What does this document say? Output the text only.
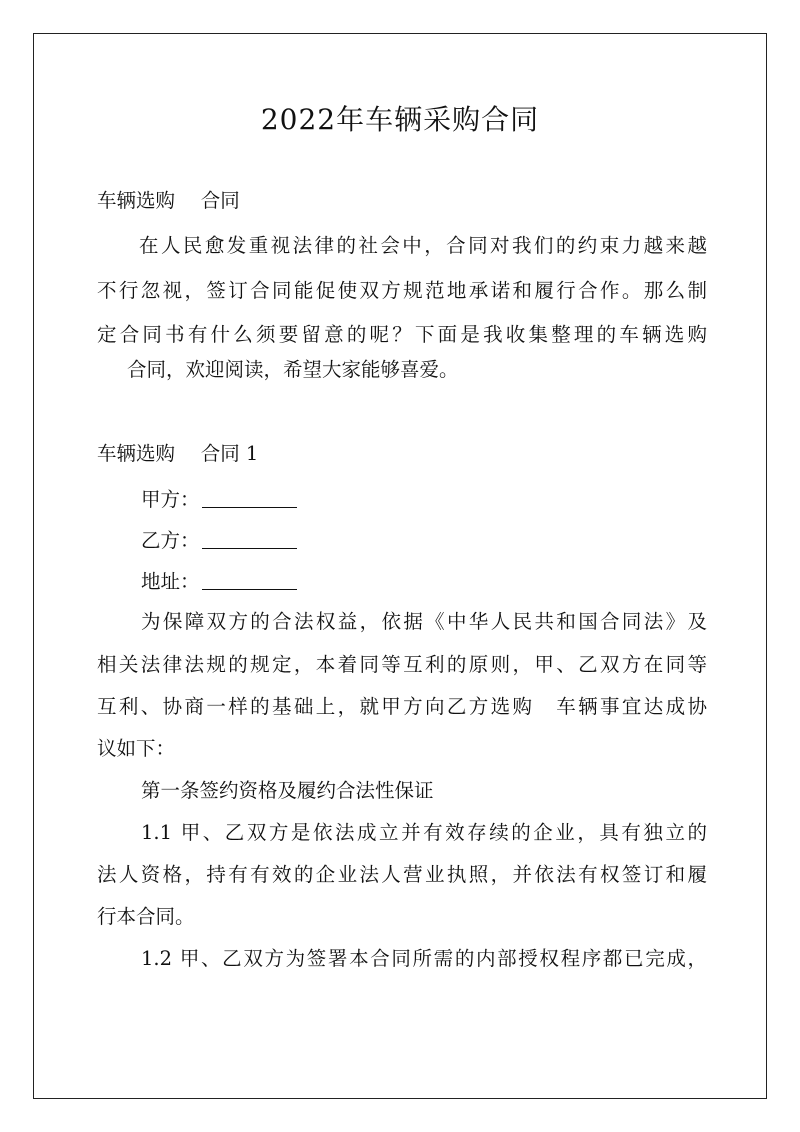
2022年车辆采购合同
车辆选购　 合同
在人民愈发重视法律的社会中，合同对我们的约束力越来越
不行忽视，签订合同能促使双方规范地承诺和履行合作。那么制
定合同书有什么须要留意的呢？下面是我收集整理的车辆选购
合同，欢迎阅读，希望大家能够喜爱。
车辆选购　 合同 1
甲方：
乙方：
地址：
为保障双方的合法权益，依据《中华人民共和国合同法》及
相关法律法规的规定，本着同等互利的原则，甲、乙双方在同等
互利、协商一样的基础上，就甲方向乙方选购　车辆事宜达成协
议如下：
第一条签约资格及履约合法性保证
1.1 甲、乙双方是依法成立并有效存续的企业，具有独立的
法人资格，持有有效的企业法人营业执照，并依法有权签订和履
行本合同。
1.2 甲、乙双方为签署本合同所需的内部授权程序都已完成，
